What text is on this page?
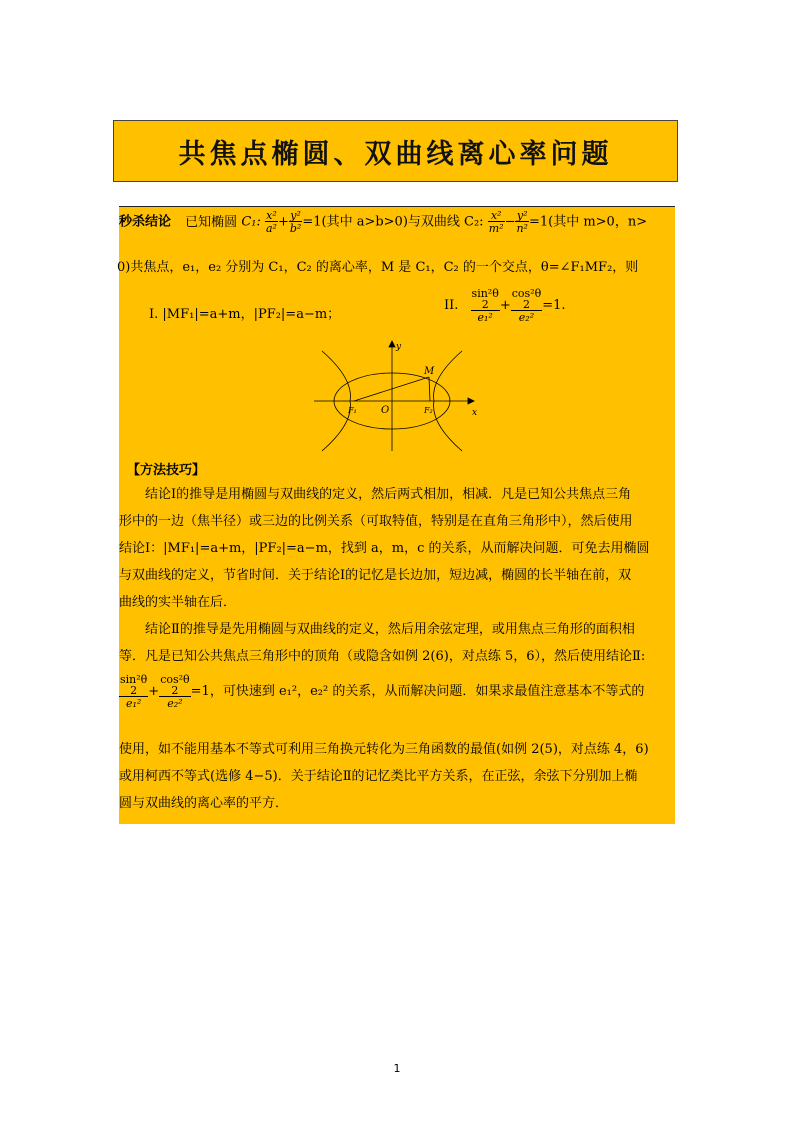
共焦点椭圆、双曲线离心率问题
秒杀结论 已知椭圆 C₁: $\frac{\text{x²}}{\text{a²}} + \frac{\text{y²}}{\text{b²}} =1$(其中 a>b>0)与双曲线 C₂: $\frac{\text{x²}}{\text{m²}} - \frac{\text{y²}}{\text{n²}} =1$(其中 m>0，n>
0)共焦点，e₁，e₂ 分别为 C₁，C₂ 的离心率，M 是 C₁，C₂ 的一个交点，θ=∠F₁MF₂，则
I. |MF₁|=a+m，|PF₂|=a−m；
II.
sin²θ
2
e₁²
+
cos²θ
2
e₂²
=1.
y
x
O
M
F₁	F₂
【方法技巧】
结论Ⅰ的推导是用椭圆与双曲线的定义，然后两式相加，相减．凡是已知公共焦点三角
形中的一边（焦半径）或三边的比例关系（可取特值，特别是在直角三角形中），然后使用
结论Ⅰ：|MF₁|=a+m，|PF₂|=a−m，找到 a，m，c 的关系，从而解决问题．可免去用椭圆
与双曲线的定义，节省时间．关于结论Ⅰ的记忆是长边加，短边减，椭圆的长半轴在前，双
曲线的实半轴在后．
结论Ⅱ的推导是先用椭圆与双曲线的定义，然后用余弦定理，或用焦点三角形的面积相
等．凡是已知公共焦点三角形中的顶角（或隐含如例 2(6)，对点练 5，6），然后使用结论Ⅱ:
sin²θ
2
e₁²
+
cos²θ
2
e₂²
=1，可快速到 e₁²，e₂² 的关系，从而解决问题．如果求最值注意基本不等式的
使用，如不能用基本不等式可利用三角换元转化为三角函数的最值(如例 2(5)，对点练 4，6)
或用柯西不等式(选修 4−5)．关于结论Ⅱ的记忆类比平方关系，在正弦，余弦下分别加上椭
圆与双曲线的离心率的平方．
1
